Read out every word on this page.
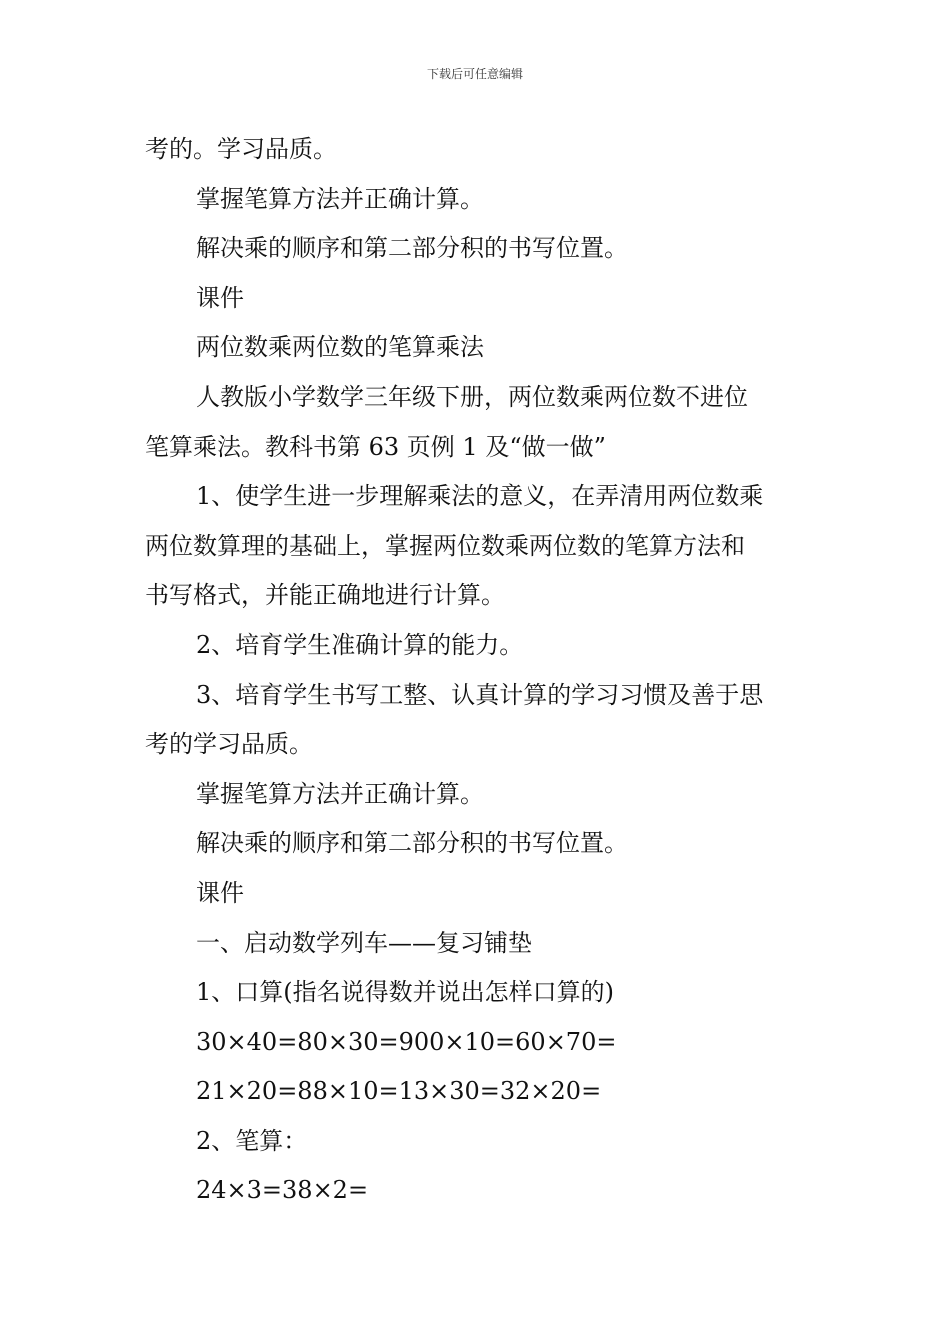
下载后可任意编辑
考的。学习品质。
掌握笔算方法并正确计算。
解决乘的顺序和第二部分积的书写位置。
课件
两位数乘两位数的笔算乘法
人教版小学数学三年级下册，两位数乘两位数不进位
笔算乘法。教科书第 63 页例 1 及“做一做”
1、使学生进一步理解乘法的意义，在弄清用两位数乘
两位数算理的基础上，掌握两位数乘两位数的笔算方法和
书写格式，并能正确地进行计算。
2、培育学生准确计算的能力。
3、培育学生书写工整、认真计算的学习习惯及善于思
考的学习品质。
掌握笔算方法并正确计算。
解决乘的顺序和第二部分积的书写位置。
课件
一、启动数学列车——复习铺垫
1、口算(指名说得数并说出怎样口算的)
30×40=80×30=900×10=60×70=
21×20=88×10=13×30=32×20=
2、笔算：
24×3=38×2=
